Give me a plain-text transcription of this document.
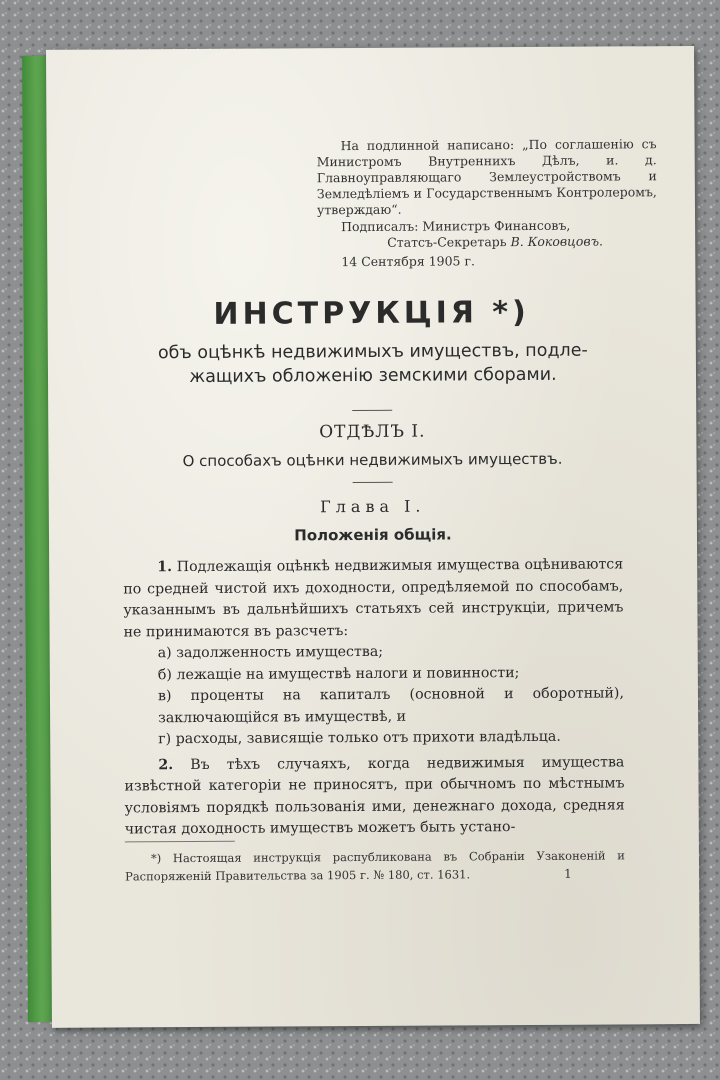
На подлинной написано: „По соглашенію съ Министромъ Внутреннихъ Дѣлъ, и. д. Главноуправляющаго Землеустройствомъ и Земледѣліемъ и Государственнымъ Контролеромъ, утверждаю“.
Подписалъ: Министръ Финансовъ,
Статсъ-Секретарь В. Коковцовъ.
14 Сентября 1905 г.
ИНСТРУКЦІЯ *)
объ оцѣнкѣ недвижимыхъ имуществъ, подле-
жащихъ обложенію земскими сборами.
ОТДѢЛЪ I.
О способахъ оцѣнки недвижимыхъ имуществъ.
Глава I.
Положенія общія.
1. Подлежащія оцѣнкѣ недвижимыя имущества оцѣниваются по средней чистой ихъ доходности, опредѣляемой по способамъ, указаннымъ въ дальнѣйшихъ статьяхъ сей инструкціи, причемъ не принимаются въ разсчетъ:
а) задолженность имущества;
б) лежащіе на имуществѣ налоги и повинности;
в) проценты на капиталъ (основной и оборотный), заключающійся въ имуществѣ, и
г) расходы, зависящіе только отъ прихоти владѣльца.
2. Въ тѣхъ случаяхъ, когда недвижимыя имущества извѣстной категоріи не приносятъ, при обычномъ по мѣстнымъ условіямъ порядкѣ пользованія ими, денежнаго дохода, средняя чистая доходность имуществъ можетъ быть устано-
*) Настоящая инструкція распубликована въ Собраніи Узаконеній и Распоряженій Правительства за 1905 г. № 180, ст. 1631.	1
